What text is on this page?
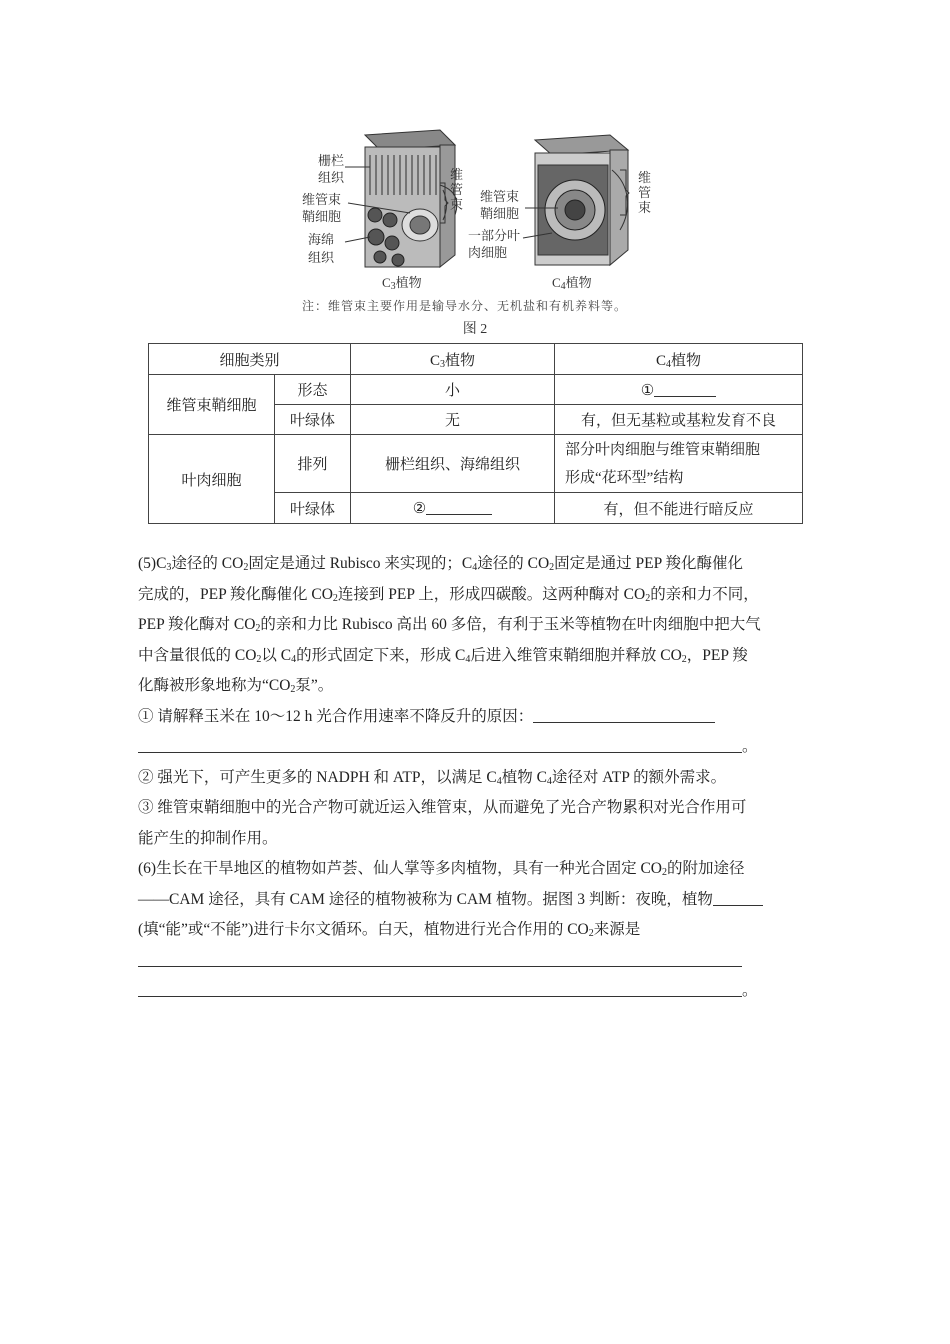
栅栏
组织
维管束
鞘细胞
海绵
组织
维
管
束
维管束
鞘细胞
一部分叶
肉细胞
维
管
束
$C_3$植物	$C_4$植物
注：维管束主要作用是输导水分、无机盐和有机养料等。
图 2
细胞类别		$C_3$植物	$C_4$植物
维管束鞘细胞	形态	小	①
	叶绿体	无	有，但无基粒或基粒发育不良
叶肉细胞	排列	栅栏组织、海绵组织	部分叶肉细胞与维管束鞘细胞
形成“花环型”结构

	叶绿体	②	有，但不能进行暗反应

$(5)C_3$途径的 $CO_2$固定是通过 Rubisco 来实现的；$C_4$途径的 $CO_2$固定是通过 PEP 羧化酶催化

完成的，PEP 羧化酶催化 $CO_2$连接到 PEP 上，形成四碳酸。这两种酶对 $CO_2$的亲和力不同，

PEP 羧化酶对 $CO_2$的亲和力比 Rubisco 高出 60 多倍，有利于玉米等植物在叶肉细胞中把大气

中含量很低的 $CO_2$以 $C_4$的形式固定下来，形成 $C_4$后进入维管束鞘细胞并释放 $CO_2$，PEP 羧

化酶被形象地称为“$CO_2$泵”。

① 请解释玉米在 10～12 h 光合作用速率不降反升的原因：

。

② 强光下，可产生更多的 NADPH 和 ATP，以满足 $C_4$植物 $C_4$途径对 ATP 的额外需求。

③ 维管束鞘细胞中的光合产物可就近运入维管束，从而避免了光合产物累积对光合作用可

能产生的抑制作用。

(6)生长在干旱地区的植物如芦荟、仙人掌等多肉植物，具有一种光合固定 $CO_2$的附加途径

——CAM 途径，具有 CAM 途径的植物被称为 CAM 植物。据图 3 判断：夜晚，植物

(填“能”或“不能”)进行卡尔文循环。白天，植物进行光合作用的 $CO_2$来源是

。
